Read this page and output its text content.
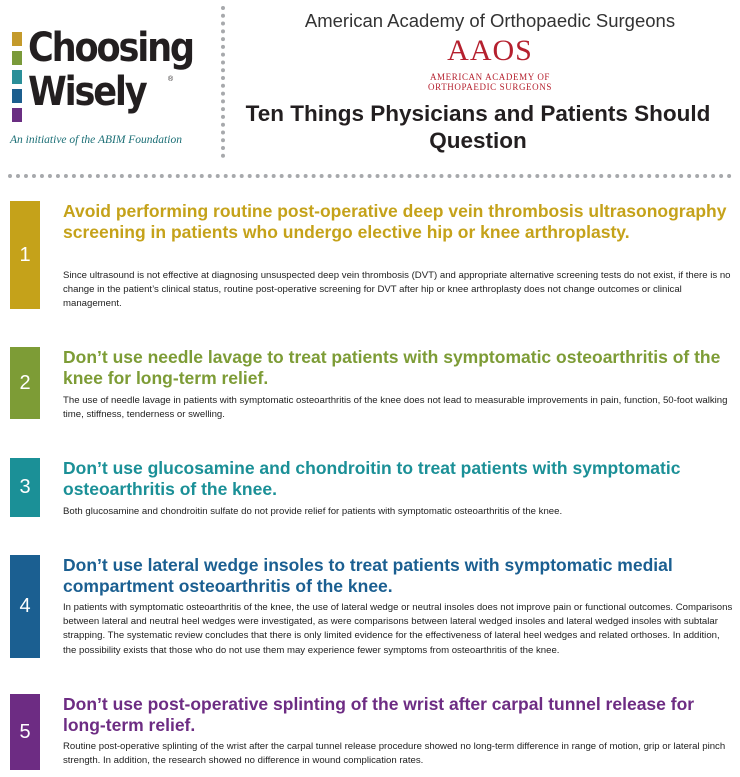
Choosing
Wisely	®
An initiative of the ABIM Foundation
American Academy of Orthopaedic Surgeons
AAOS
AMERICAN ACADEMY OF
ORTHOPAEDIC SURGEONS
Ten Things Physicians and Patients Should Question
1
Avoid performing routine post-operative deep vein thrombosis ultrasonography screening in patients who undergo elective hip or knee arthroplasty.
Since ultrasound is not effective at diagnosing unsuspected deep vein thrombosis (DVT) and appropriate alternative screening tests do not exist, if there is no change in the patient’s clinical status, routine post-operative screening for DVT after hip or knee arthroplasty does not change outcomes or clinical management.
2
Don’t use needle lavage to treat patients with symptomatic osteoarthritis of the knee for long-term relief.
The use of needle lavage in patients with symptomatic osteoarthritis of the knee does not lead to measurable improvements in pain, function, 50-foot walking time, stiffness, tenderness or swelling.
3
Don’t use glucosamine and chondroitin to treat patients with symptomatic osteoarthritis of the knee.
Both glucosamine and chondroitin sulfate do not provide relief for patients with symptomatic osteoarthritis of the knee.
4
Don’t use lateral wedge insoles to treat patients with symptomatic medial compartment osteoarthritis of the knee.
In patients with symptomatic osteoarthritis of the knee, the use of lateral wedge or neutral insoles does not improve pain or functional outcomes. Comparisons between lateral and neutral heel wedges were investigated, as were comparisons between lateral wedged insoles and lateral wedged insoles with subtalar strapping. The systematic review concludes that there is only limited evidence for the effectiveness of lateral heel wedges and related orthoses. In addition, the possibility exists that those who do not use them may experience fewer symptoms from osteoarthritis of the knee.
5
Don’t use post-operative splinting of the wrist after carpal tunnel release for long-term relief.
Routine post-operative splinting of the wrist after the carpal tunnel release procedure showed no long-term difference in range of motion, grip or lateral pinch strength. In addition, the research showed no difference in wound complication rates.
